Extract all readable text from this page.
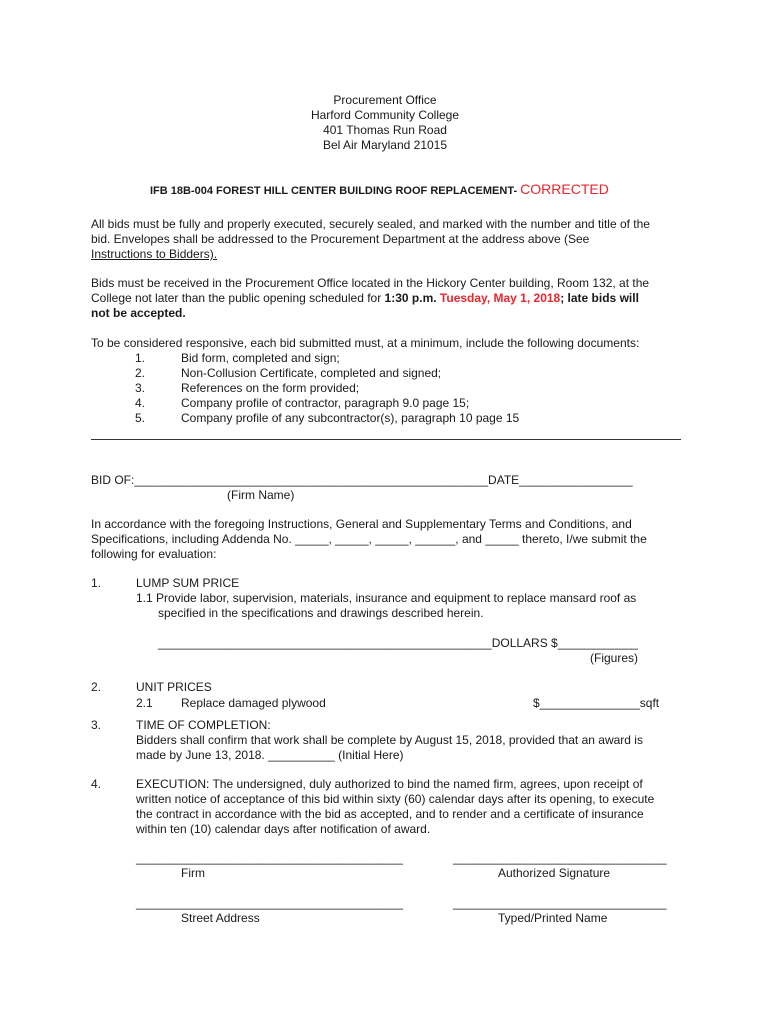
Procurement Office
Harford Community College
401 Thomas Run Road
Bel Air Maryland 21015
IFB 18B-004 FOREST HILL CENTER BUILDING ROOF REPLACEMENT- CORRECTED
All bids must be fully and properly executed, securely sealed, and marked with the number and title of the
bid. Envelopes shall be addressed to the Procurement Department at the address above (See
Instructions to Bidders).
Bids must be received in the Procurement Office located in the Hickory Center building, Room 132, at the
College not later than the public opening scheduled for 1:30 p.m. Tuesday, May 1, 2018; late bids will
not be accepted.
To be considered responsive, each bid submitted must, at a minimum, include the following documents:
1.	Bid form, completed and sign;
2.	Non-Collusion Certificate, completed and signed;
3.	References on the form provided;
4.	Company profile of contractor, paragraph 9.0 page 15;
5.	Company profile of any subcontractor(s), paragraph 10 page 15
BID OF:_____________________________________________________DATE_________________
(Firm Name)
In accordance with the foregoing Instructions, General and Supplementary Terms and Conditions, and
Specifications, including Addenda No. _____, _____, _____, ______, and _____ thereto, I/we submit the
following for evaluation:
1.	LUMP SUM PRICE
1.1 Provide labor, supervision, materials, insurance and equipment to replace mansard roof as
specified in the specifications and drawings described herein.
__________________________________________________DOLLARS $____________
(Figures)
2.	UNIT PRICES
2.1 Replace damaged plywood	$_______________sqft
3.	TIME OF COMPLETION:
Bidders shall confirm that work shall be complete by August 15, 2018, provided that an award is
made by June 13, 2018. __________ (Initial Here)
4.	EXECUTION: The undersigned, duly authorized to bind the named firm, agrees, upon receipt of
written notice of acceptance of this bid within sixty (60) calendar days after its opening, to execute
the contract in accordance with the bid as accepted, and to render and a certificate of insurance
within ten (10) calendar days after notification of award.
________________________________________	________________________________
Firm	Authorized Signature
________________________________________	________________________________
Street Address	Typed/Printed Name
